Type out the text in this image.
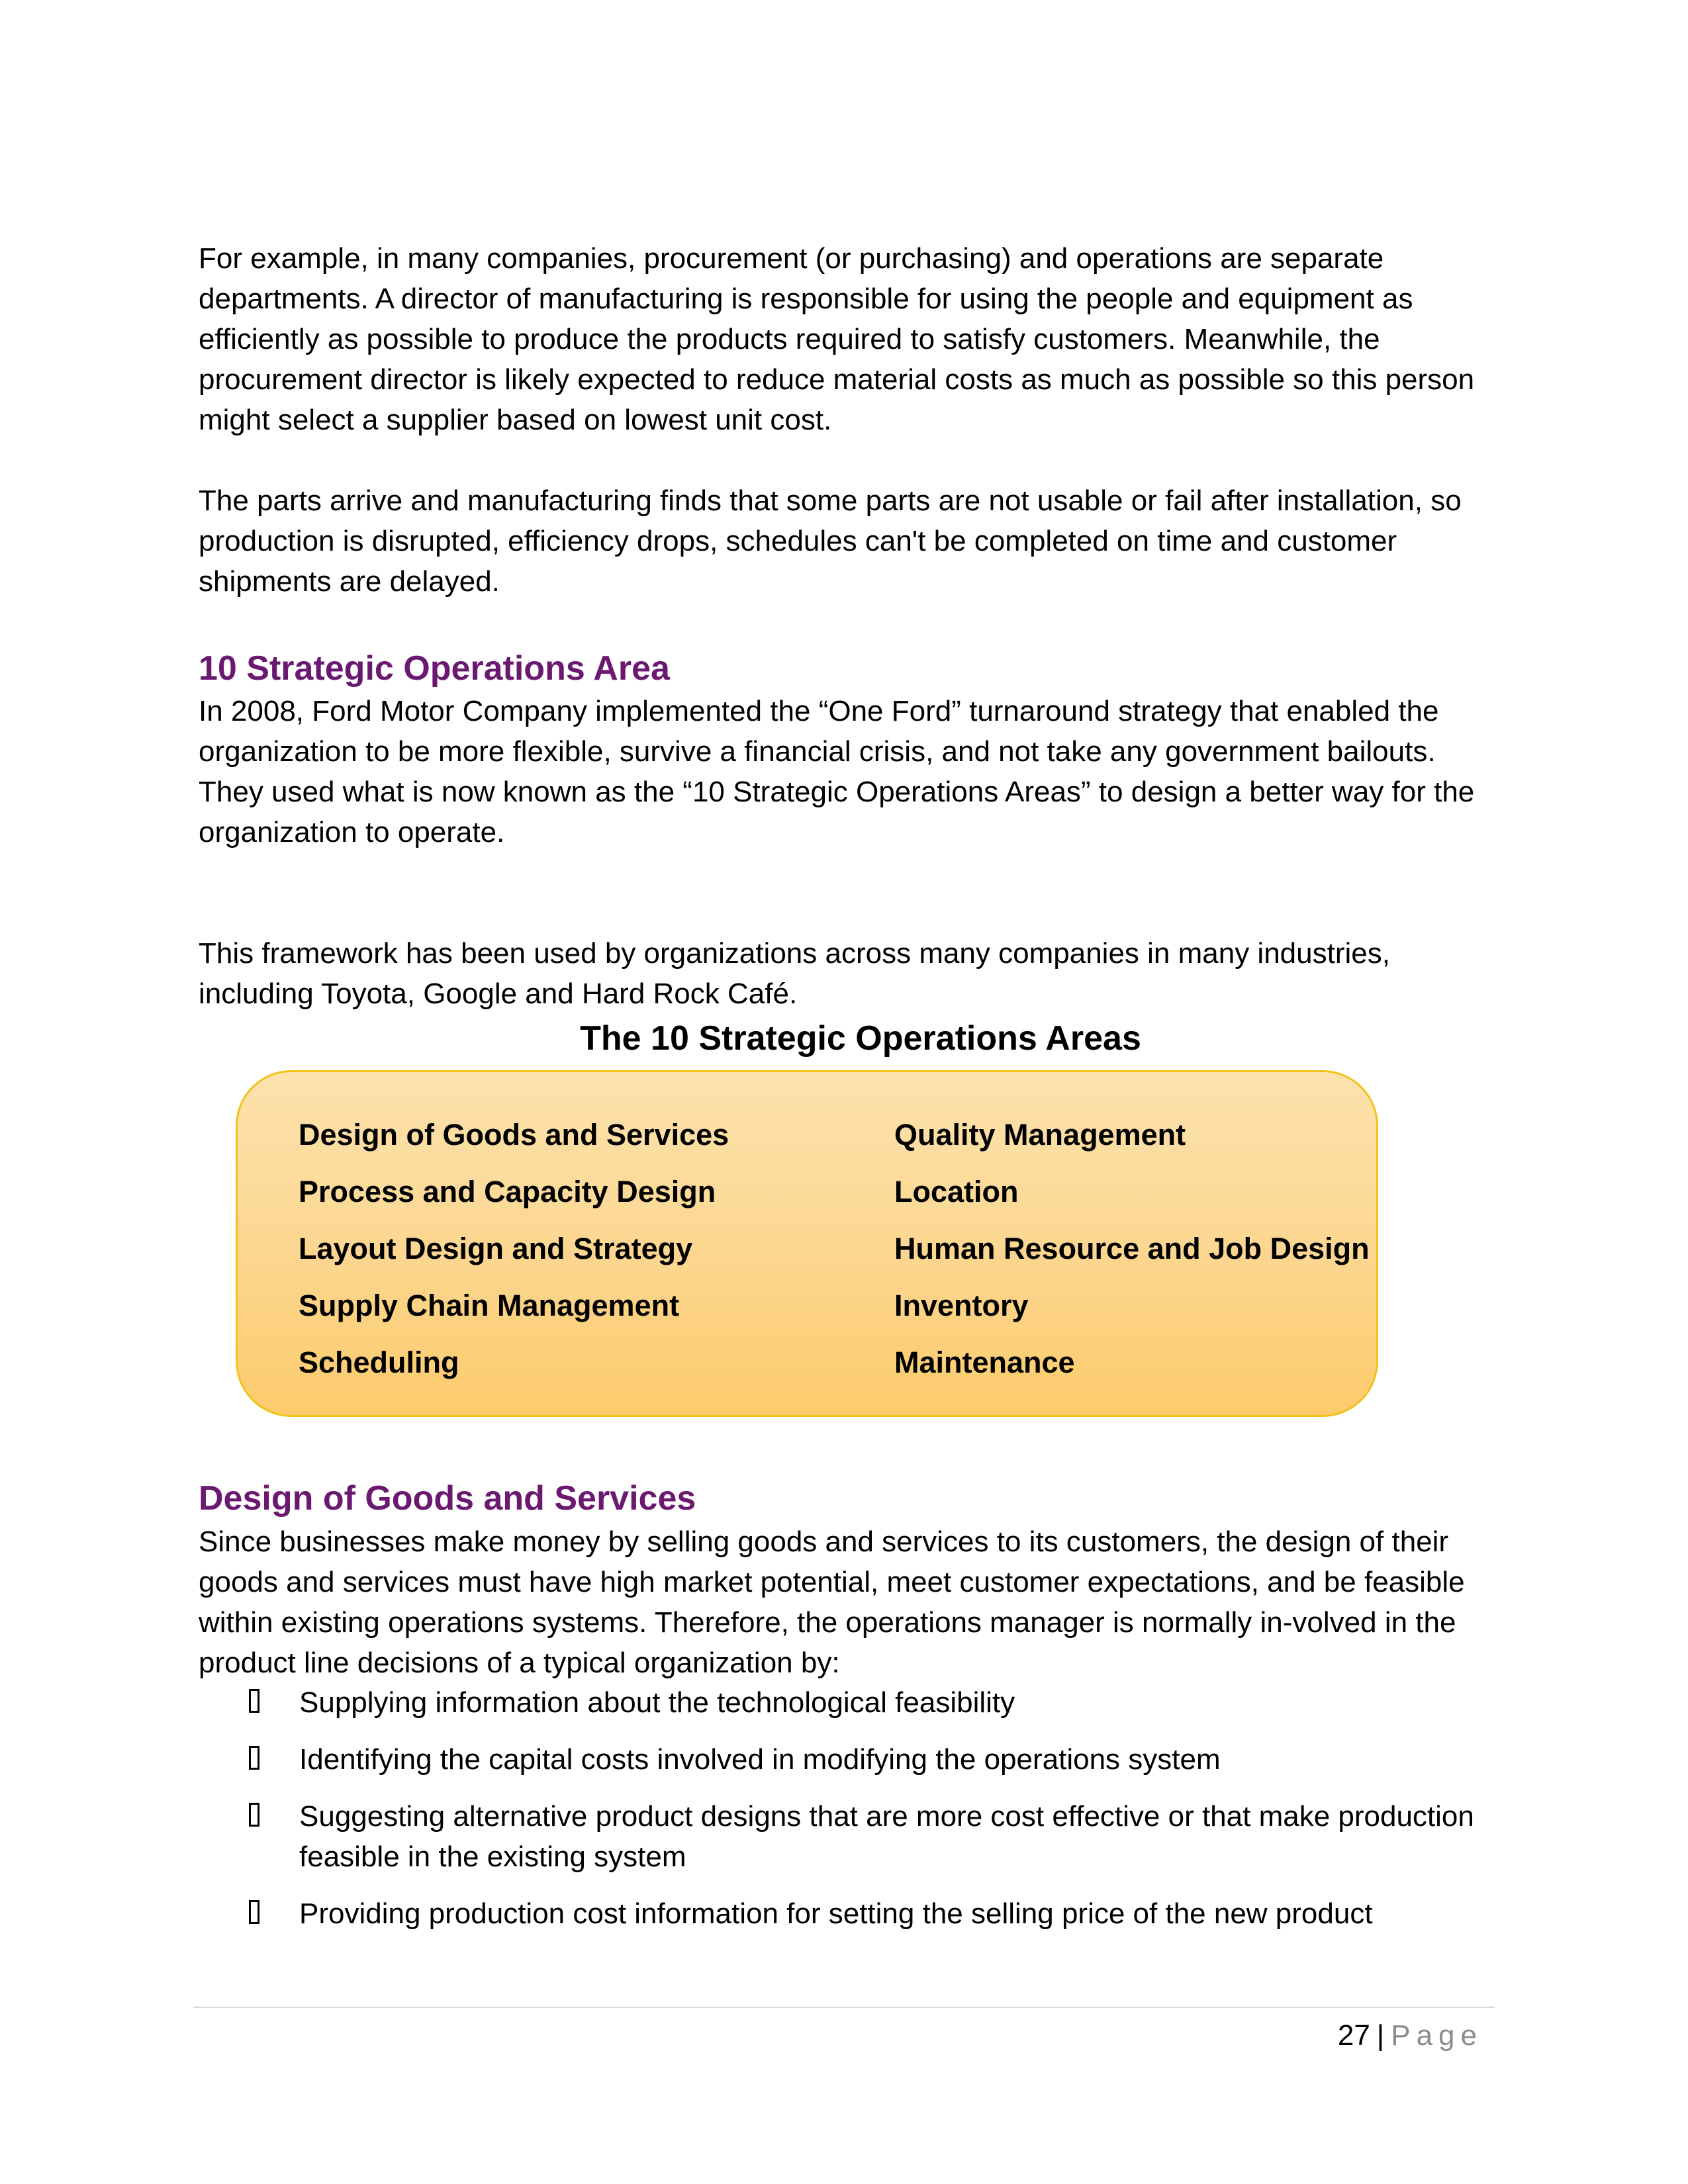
For example, in many companies, procurement (or purchasing) and operations are separate departments. A director of manufacturing is responsible for using the people and equipment as efficiently as possible to produce the products required to satisfy customers. Meanwhile, the procurement director is likely expected to reduce material costs as much as possible so this person might select a supplier based on lowest unit cost.

The parts arrive and manufacturing finds that some parts are not usable or fail after installation, so production is disrupted, efficiency drops, schedules can't be completed on time and customer shipments are delayed.

10 Strategic Operations Area

In 2008, Ford Motor Company implemented the “One Ford” turnaround strategy that enabled the organization to be more flexible, survive a financial crisis, and not take any government bailouts. They used what is now known as the “10 Strategic Operations Areas” to design a better way for the organization to operate.

This framework has been used by organizations across many companies in many industries, including Toyota, Google and Hard Rock Café.

The 10 Strategic Operations Areas
Design of Goods and Services
Process and Capacity Design
Layout Design and Strategy
Supply Chain Management
Scheduling
Quality Management
Location
Human Resource and Job Design
Inventory
Maintenance
Design of Goods and Services

Since businesses make money by selling goods and services to its customers, the design of their goods and services must have high market potential, meet customer expectations, and be feasible within existing operations systems. Therefore, the operations manager is normally in-volved in the product line decisions of a typical organization by:

Supplying information about the technological feasibility
Identifying the capital costs involved in modifying the operations system
Suggesting alternative product designs that are more cost effective or that make production feasible in the existing system
Providing production cost information for setting the selling price of the new product
27 | Page
